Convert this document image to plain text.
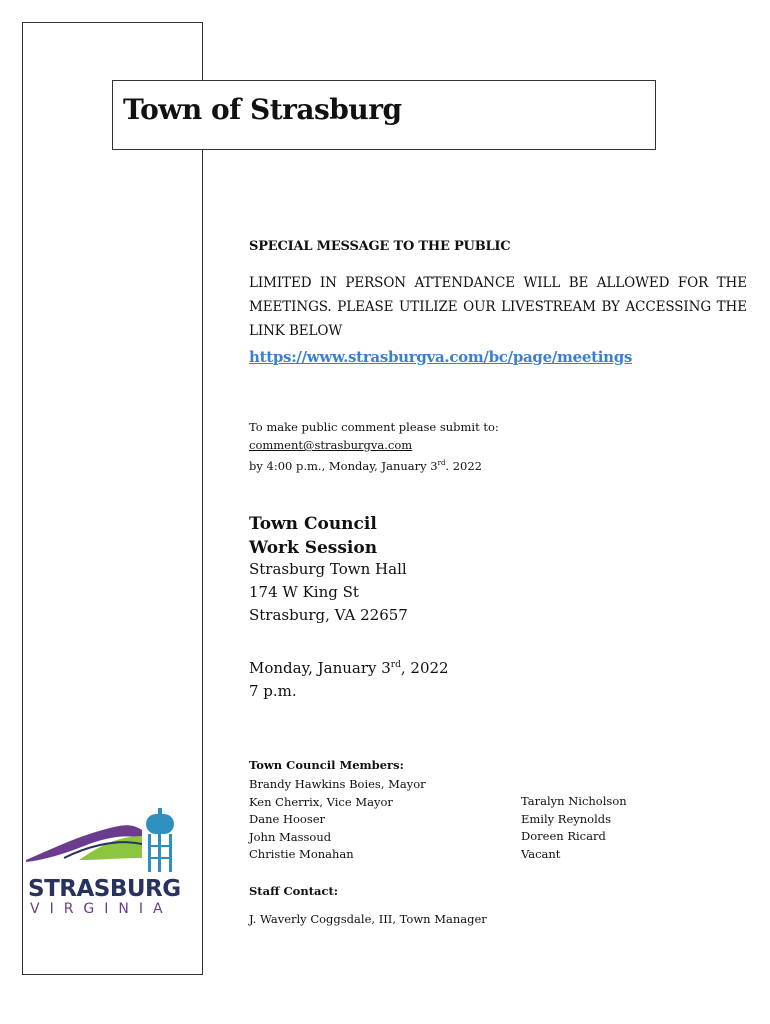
Town of Strasburg
SPECIAL MESSAGE TO THE PUBLIC
LIMITED IN PERSON ATTENDANCE WILL BE ALLOWED FOR THE MEETINGS. PLEASE UTILIZE OUR LIVESTREAM BY ACCESSING THE LINK BELOW
https://www.strasburgva.com/bc/page/meetings
To make public comment please submit to:
comment@strasburgva.com
by 4:00 p.m., Monday, January 3rd. 2022
Town Council
Work Session
Strasburg Town Hall
174 W King St
Strasburg, VA 22657
Monday, January 3rd, 2022
7 p.m.
Town Council Members:
Brandy Hawkins Boies, Mayor
Ken Cherrix, Vice Mayor
Dane Hooser
John Massoud
Christie Monahan
Taralyn Nicholson
Emily Reynolds
Doreen Ricard
Vacant
Staff Contact:
J. Waverly Coggsdale, III, Town Manager
STRASBURG
VIRGINIA
